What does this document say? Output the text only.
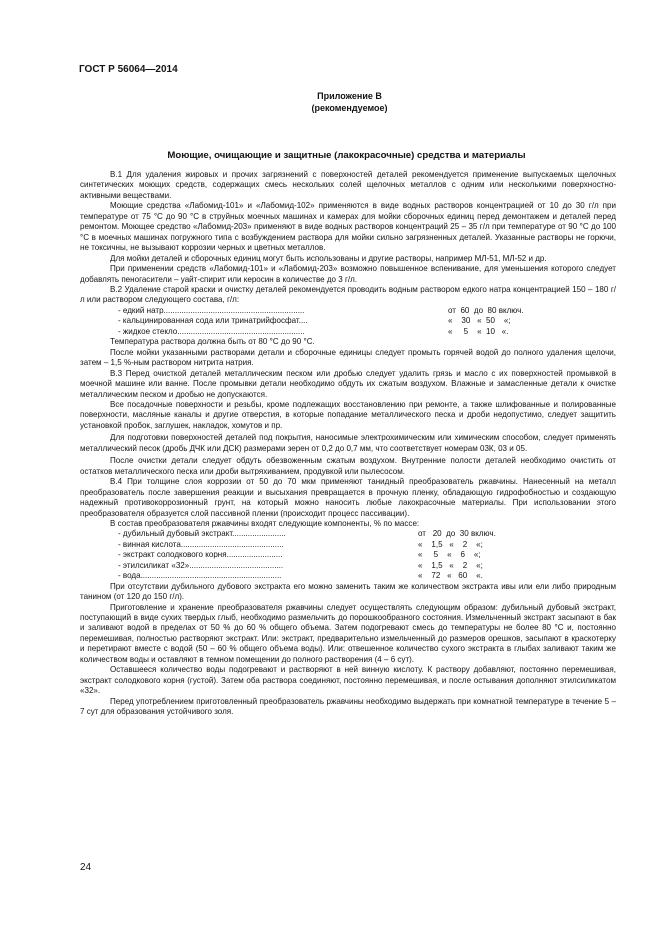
ГОСТ Р 56064—2014
Приложение В
(рекомендуемое)
Моющие, очищающие и защитные (лакокрасочные) средства и материалы

В.1 Для удаления жировых и прочих загрязнений с поверхностей деталей рекомендуется применение выпускаемых щелочных синтетических моющих средств, содержащих смесь нескольких солей щелочных металлов с одним или несколькими поверхностно-активными веществами.

Моющие средства «Лабомид-101» и «Лабомид-102» применяются в виде водных растворов концентрацией от 10 до 30 г/л при температуре от 75 °С до 90 °С в струйных моечных машинах и камерах для мойки сборочных единиц перед демонтажем и деталей перед ремонтом. Моющее средство «Лабомид-203» применяют в виде водных растворов концентраций 25 – 35 г/л при температуре от 90 °С до 100 °С в моечных машинах погружного типа с возбуждением раствора для мойки сильно загрязненных деталей. Указанные растворы не горючи, не токсичны, не вызывают коррозии черных и цветных металлов.

Для мойки деталей и сборочных единиц могут быть использованы и другие растворы, например МЛ-51, МЛ-52 и др.

При применении средств «Лабомид-101» и «Лабомид-203» возможно повышенное вспенивание, для уменьшения которого следует добавлять пеногасители – уайт-спирит или керосин в количестве до 3 г/л.

В.2 Удаление старой краски и очистку деталей рекомендуется проводить водным раствором едкого натра концентрацией 150 – 180 г/л или раствором следующего состава, г/л:

- едкий натр...............................................................	от  60  до  80 включ.
- кальцинированная сода или тринатрийфосфат....	«    30   «  50    «;
- жидкое стекло.........................................................	«     5    «  10   «.

Температура раствора должна быть от 80 °С до 90 °С.

После мойки указанными растворами детали и сборочные единицы следует промыть горячей водой до полного удаления щелочи, затем – 1,5 %-ным раствором нитрита натрия.

В.3 Перед очисткой деталей металлическим песком или дробью следует удалить грязь и масло с их поверхностей промывкой в моечной машине или ванне. После промывки детали необходимо обдуть их сжатым воздухом. Влажные и замасленные детали к очистке металлическим песком и дробью не допускаются.

Все посадочные поверхности и резьбы, кроме подлежащих восстановлению при ремонте, а также шлифованные и полированные поверхности, масляные каналы и другие отверстия, в которые попадание металлического песка и дроби недопустимо, следует защитить установкой пробок, заглушек, накладок, хомутов и пр.

Для подготовки поверхностей деталей под покрытия, наносимые электрохимическим или химическим способом, следует применять металлический песок (дробь ДЧК или ДСК) размерами зерен от 0,2 до 0,7 мм, что соответствует номерам 03К, 03 и 05.

После очистки детали следует обдуть обезвоженным сжатым воздухом. Внутренние полости деталей необходимо очистить от остатков металлического песка или дроби вытряхиванием, продувкой или пылесосом.

В.4 При толщине слоя коррозии от 50 до 70 мкм применяют танидный преобразователь ржавчины. Нанесенный на металл преобразователь после завершения реакции и высыхания превращается в прочную пленку, обладающую гидрофобностью и создающую надежный противокоррозионный грунт, на который можно наносить любые лакокрасочные материалы. При использовании этого преобразователя образуется слой пассивной пленки (происходит процесс пассивации).

В состав преобразователя ржавчины входят следующие компоненты, % по массе:

- дубильный дубовый экстракт........................	от   20  до  30 включ.
- винная кислота..............................................	«    1,5   «    2    «;
- экстракт солодкового корня.........................	«     5    «    6    «;
- этилсиликат «32»..........................................	«    1,5   «    2    «;
- вода...............................................................	«    72   «   60    «.

При отсутствии дубильного дубового экстракта его можно заменить таким же количеством экстракта ивы или ели либо природным танином (от 120 до 150 г/л).

Приготовление и хранение преобразователя ржавчины следует осуществлять следующим образом: дубильный дубовый экстракт, поступающий в виде сухих твердых глыб, необходимо размельчить до порошкообразного состояния. Измельченный экстракт засыпают в бак и заливают водой в пределах от 50 % до 60 % общего объема. Затем подогревают смесь до температуры не более 80 °С и, постоянно перемешивая, полностью растворяют экстракт. Или: экстракт, предварительно измельченный до размеров орешков, засыпают в краскотерку и перетирают вместе с водой (50 – 60 % общего объема воды). Или: отвешенное количество сухого экстракта в глыбах заливают таким же количеством воды и оставляют в темном помещении до полного растворения (4 – 6 сут).

Оставшееся количество воды подогревают и растворяют в ней винную кислоту. К раствору добавляют, постоянно перемешивая, экстракт солодкового корня (густой). Затем оба раствора соединяют, постоянно перемешивая, и после остывания дополняют этилсиликатом «32».

Перед употреблением приготовленный преобразователь ржавчины необходимо выдержать при комнатной температуре в течение 5 – 7 сут для образования устойчивого золя.

24
